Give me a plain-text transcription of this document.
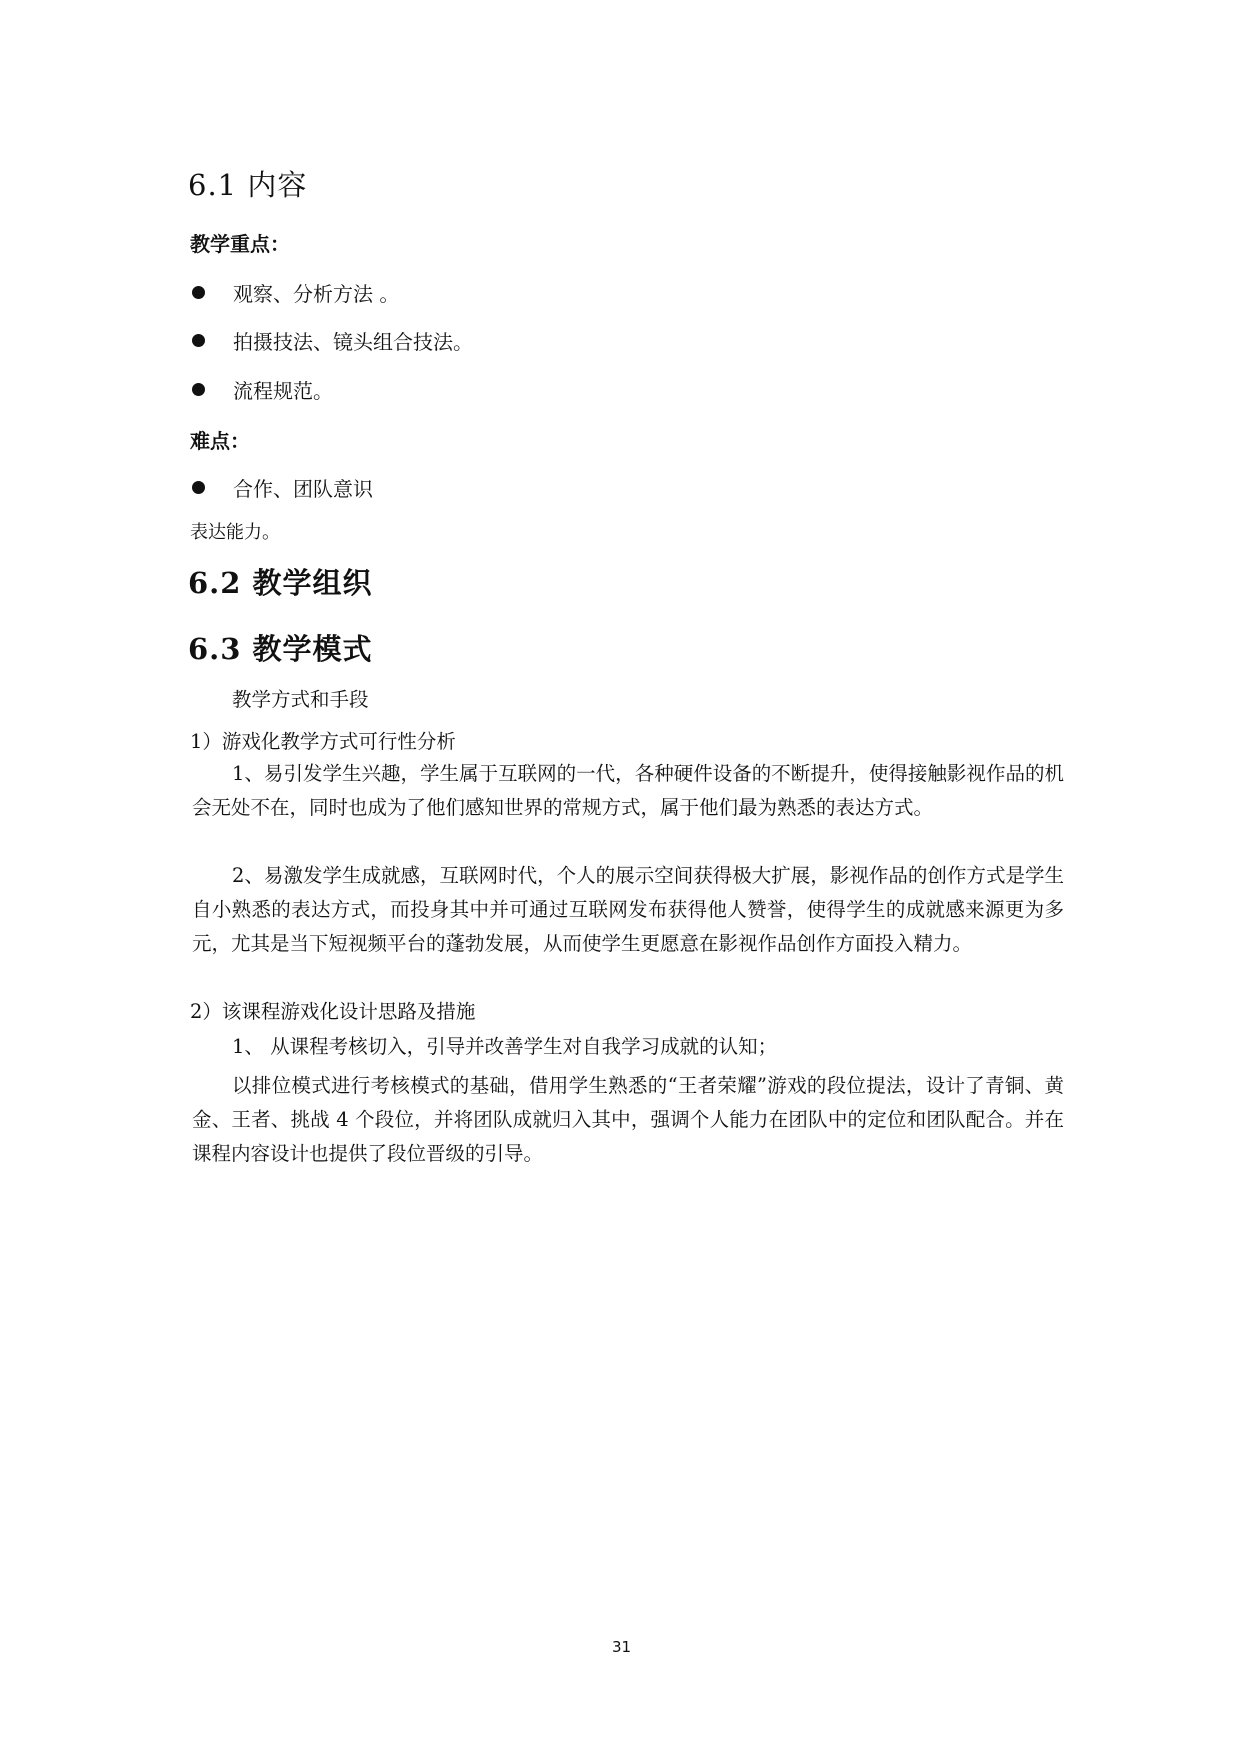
6.1 内容
教学重点：
观察、分析方法 。
拍摄技法、镜头组合技法。
流程规范。
难点：
合作、团队意识
表达能力。
6.2 教学组织
6.3 教学模式
教学方式和手段
1）游戏化教学方式可行性分析

1、易引发学生兴趣，学生属于互联网的一代，各种硬件设备的不断提升，使得接触影视作品的机会无处不在，同时也成为了他们感知世界的常规方式，属于他们最为熟悉的表达方式。

2、易激发学生成就感，互联网时代，个人的展示空间获得极大扩展，影视作品的创作方式是学生自小熟悉的表达方式，而投身其中并可通过互联网发布获得他人赞誉，使得学生的成就感来源更为多元，尤其是当下短视频平台的蓬勃发展，从而使学生更愿意在影视作品创作方面投入精力。

2）该课程游戏化设计思路及措施

1、 从课程考核切入，引导并改善学生对自我学习成就的认知；

以排位模式进行考核模式的基础，借用学生熟悉的“王者荣耀”游戏的段位提法，设计了青铜、黄金、王者、挑战 4 个段位，并将团队成就归入其中，强调个人能力在团队中的定位和团队配合。并在课程内容设计也提供了段位晋级的引导。

31
